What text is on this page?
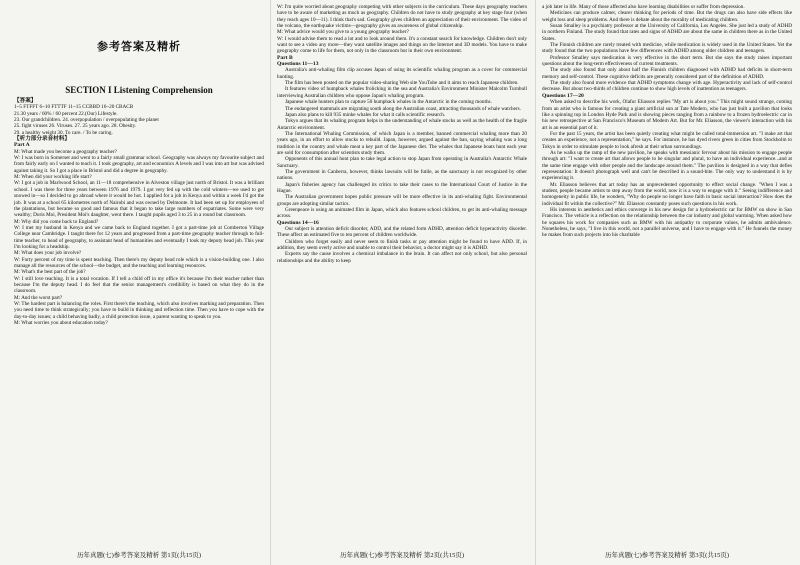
参考答案及精析
SECTION I Listening Comprehension

【答案】

1~5 FTFFT 6~10 FTTTF 11~15 CCBBD 16~20 CBACB

21.30 years / 60% / 60 percent 22.(Our) Lifestyle.

23. Our grandchildren. 24. overpopulation / overpopulating the planet

25. fight viruses 26. Viruses. 27. 25 years ago. 28. Obesity.

29. a healthy weight 30. To care. / To be caring.

【听力部分录音材料】

Part A

M: What made you become a geography teacher?

W: I was born in Somerset and went to a fairly small grammar school. Geography was always my favourite subject and from fairly early on I wanted to teach it. I took geography, art and economics A levels and I was into art but was advised against taking it. So I got a place in Bristol and did a degree in geography.

M: When did your working life start?

W: I got a job in Marlwood School, an 11—18 comprehensive in Alveston village just north of Bristol. It was a brilliant school. I was there for three years between 1976 and 1979. I got very fed up with the cold winters—we used to get snowed in—so I decided to go abroad where it would be hot. I applied for a job in Kenya and within a week I'd got the job. It was at a school 65 kilometres north of Nairobi and was owned by Delmonte. It had been set up for employees of the plantations, but became so good and famous that it began to take large numbers of expatriates. Some were very wealthy; Doris Moi, President Moi's daughter, went there. I taught pupils aged 3 to 25 in a round but classroom.

M: Why did you come back to England?

W: I met my husband in Kenya and we came back to England together. I got a part-time job at Comberton Village College near Cambridge. I taught there for 12 years and progressed from a part-time geography teacher through to full-time teacher, to head of geography, to assistant head of humanities and eventually I took my deputy head job. This year I'm looking for a headship.

M: What does your job involve?

W: Forty percent of my time is spent teaching. Then there's my deputy head role which is a vision-building one. I also manage all the resources of the school—the budget, and the teaching and learning resources.

M: What's the best part of the job?

W: I still love teaching. It is a total vocation. If I tell a child off in my office it's because I'm their teacher rather than because I'm the deputy head. I do feel that the senior management's credibility is based on what they do in the classroom.

M: And the worst part?

W: The hardest part is balancing the roles. First there's the teaching, which also involves marking and preparation. Then you need time to think strategically; you have to build in thinking and reflection time. Then you have to cope with the day-to-day issues; a child behaving badly, a child protection issue, a parent wanting to speak to you.

M: What worries you about education today?

W: I'm quite worried about geography competing with other subjects in the curriculum. These days geography teachers have to be aware of marketing as much as geography. Children do not have to study geography at key stage four (when they reach ages 10—11). I think that's sad. Geography gives children an appreciation of their environment. The video of the volcano, the earthquake victims—geography gives an awareness of global citizenship.

M: What advice would you give to a young geography teacher?

W: I would advise them to read a lot and to look around them. It's a constant search for knowledge. Children don't only want to see a video any more—they want satellite images and things on the Internet and 3D models. You have to make geography come to life for them, not only in the classroom but in their own environment.

Part B

Questions 11—13

Australia's anti-whaling film clip accuses Japan of using its scientific whaling program as a cover for commercial hunting.

The film has been posted on the popular video-sharing Web site YouTube and it aims to reach Japanese children.

It features video of humpback whales frolicking in the sea and Australia's Environment Minister Malcolm Turnbull interviewing Australian children who oppose Japan's whaling program.

Japanese whale hunters plan to capture 50 humpback whales in the Antarctic in the coming months.

The endangered mammals are migrating south along the Australian coast, attracting thousands of whale watchers.

Japan also plans to kill 935 minke whales for what it calls scientific research.

Tokyo argues that its whaling program helps in the understanding of whale stocks as well as the health of the fragile Antarctic environment.

The International Whaling Commission, of which Japan is a member, banned commercial whaling more than 20 years ago, in an effort to allow stocks to rebuild. Japan, however, argued against the ban, saying whaling was a long tradition in the country and whale meat a key part of the Japanese diet. The whales that Japanese boats hunt each year are sold for consumption after scientists study them.

Opponents of this annual hunt plan to take legal action to stop Japan from operating in Australia's Antarctic Whale Sanctuary.

The government in Canberra, however, thinks lawsuits will be futile, as the sanctuary is not recognized by other nations.

Japan's fisheries agency has challenged its critics to take their cases to the International Court of Justice in the Hague.

The Australian government hopes public pressure will be more effective in its anti-whaling fight. Environmental groups are adopting similar tactics.

Greenpeace is using an animated film in Japan, which also features school children, to get its anti-whaling message across.

Questions 14—16

Our subject is attention deficit disorder, ADD, and the related form ADHD, attention deficit hyperactivity disorder. These affect an estimated five to ten percent of children worldwide.

Children who forget easily and never seem to finish tasks or pay attention might be found to have ADD. If, in addition, they seem overly active and unable to control their behavior, a doctor might say it is ADHD.

Experts say the cause involves a chemical imbalance in the brain. It can affect not only school, but also personal relationships and the ability to keep

a job later in life. Many of those affected also have learning disabilities or suffer from depression.

Medicines can produce calmer, clearer thinking for periods of time. But the drugs can also have side effects like weight loss and sleep problems. And there is debate about the morality of medicating children.

Susan Smalley is a psychiatry professor at the University of California, Los Angeles. She just led a study of ADHD in northern Finland. The study found that rates and signs of ADHD are about the same in children there as in the United States.

The Finnish children are rarely treated with medicine, while medication is widely used in the United States. Yet the study found that the two populations have few differences with ADHD among older children and teenagers.

Professor Smalley says medication is very effective in the short term. But she says the study raises important questions about the long-term effectiveness of current treatments.

The study also found that only about half the Finnish children diagnosed with ADHD had deficits in short-term memory and self-control. These cognitive deficits are generally considered part of the definition of ADHD.

The study also found more evidence that ADHD symptoms change with age. Hyperactivity and lack of self-control decrease. But about two-thirds of children continue to show high levels of inattention as teenagers.

Questions 17—20

When asked to describe his work, Olafur Eliasson replies "My art is about you." This might sound strange, coming from an artist who is famous for creating a giant artificial sun at Tate Modern, who has just built a pavilion that looks like a spinning top in London Hyde Park and is showing pieces ranging from a rainbow to a frozen hydroelectric car in his new retrospective at San Francisco's Museum of Modern Art. But for Mr. Eliasson, the viewer's interaction with his art is an essential part of it.

For the past 15 years, the artist has been quietly creating what might be called total-immersion art. "I make art that creates an experience, not a representation," he says. For instance, he has dyed rivers green in cities from Stockholm to Tokyo in order to stimulate people to look afresh at their urban surroundings.

As he walks up the ramp of the new pavilion, he speaks with messianic fervour about his mission to engage people through art: "I want to create art that allows people to be singular and plural, to have an individual experience...and at the same time engage with other people and the landscape around them." The pavilion is designed in a way that defies representation: It doesn't photograph well and can't be described in a sound-bite. The only way to understand it is by experiencing it.

Mr. Eliasson believes that art today has an unprecedented opportunity to effect social change. "When I was a student, people became artists to step away from the world, now it is a way to engage with it." Seeing indifference and homogeneity in public life, he wonders, "Why do people no longer have faith in basic social interaction? How does the individual fit within the collective?" Mr. Eliasson constantly poses such questions in his work.

His interests in aesthetics and ethics converge in his new design for a hydroelectric car for BMW on show in San Francisco. The vehicle is a reflection on the relationship between the car industry and global warming. When asked how he squares his work for companies such as BMW with his antipathy to corporate values, he admits ambivalence. Nonetheless, he says, "I live in this world, not a parallel universe, and I have to engage with it." He funnels the money he makes from such projects into his charitable

历年真题(七)参考答案及精析 第1页(共15页)	历年真题(七)参考答案及精析 第2页(共15页)	历年真题(七)参考答案及精析 第3页(共15页)
